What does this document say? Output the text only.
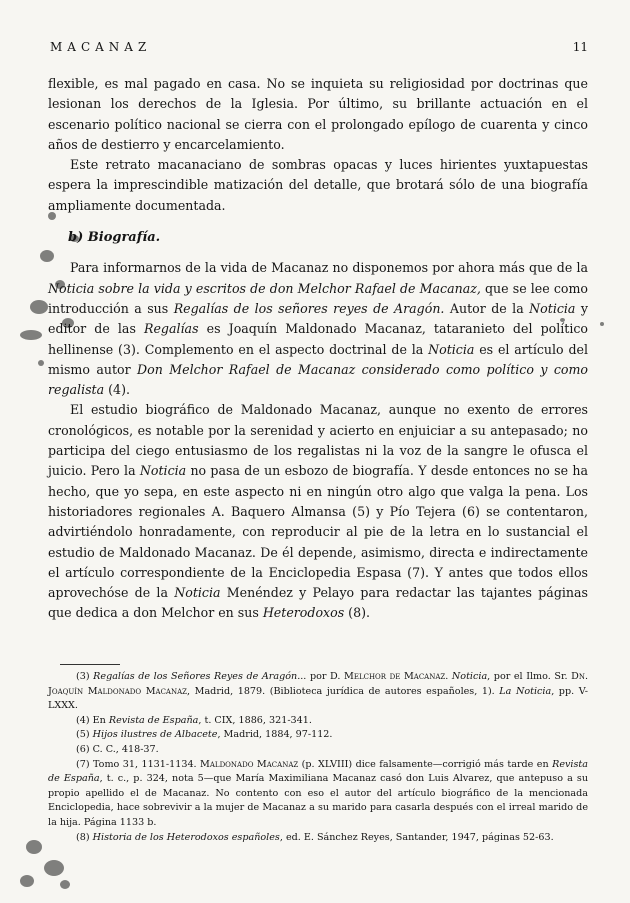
MACANAZ	11

flexible, es mal pagado en casa. No se inquieta su religiosidad por doctrinas que lesionan los derechos de la Iglesia. Por último, su brillante actuación en el escenario político nacional se cierra con el prolongado epílogo de cuarenta y cinco años de destierro y encarcelamiento.

Este retrato macanaciano de sombras opacas y luces hirientes yuxtapuestas espera la imprescindible matización del detalle, que brotará sólo de una biografía ampliamente documentada.

b) Biografía.

Para informarnos de la vida de Macanaz no disponemos por ahora más que de la Noticia sobre la vida y escritos de don Melchor Rafael de Macanaz, que se lee como introducción a sus Regalías de los señores reyes de Aragón. Autor de la Noticia y editor de las Regalías es Joaquín Maldonado Macanaz, tataranieto del político hellinense (3). Complemento en el aspecto doctrinal de la Noticia es el artículo del mismo autor Don Melchor Rafael de Macanaz considerado como político y como regalista (4).

El estudio biográfico de Maldonado Macanaz, aunque no exento de errores cronológicos, es notable por la serenidad y acierto en enjuiciar a su antepasado; no participa del ciego entusiasmo de los regalistas ni la voz de la sangre le ofusca el juicio. Pero la Noticia no pasa de un esbozo de biografía. Y desde entonces no se ha hecho, que yo sepa, en este aspecto ni en ningún otro algo que valga la pena. Los historiadores regionales A. Baquero Almansa (5) y Pío Tejera (6) se contentaron, advirtiéndolo honradamente, con reproducir al pie de la letra en lo sustancial el estudio de Maldonado Macanaz. De él depende, asimismo, directa e indirectamente el artículo correspondiente de la Enciclopedia Espasa (7). Y antes que todos ellos aprovechóse de la Noticia Menéndez y Pelayo para redactar las tajantes páginas que dedica a don Melchor en sus Heterodoxos (8).

(3) Regalías de los Señores Reyes de Aragón... por D. Melchor de Macanaz. Noticia, por el Ilmo. Sr. Dn. Joaquín Maldonado Macanaz, Madrid, 1879. (Biblioteca jurídica de autores españoles, 1). La Noticia, pp. V-LXXX.

(4) En Revista de España, t. CIX, 1886, 321-341.

(5) Hijos ilustres de Albacete, Madrid, 1884, 97-112.

(6) C. C., 418-37.

(7) Tomo 31, 1131-1134. Maldonado Macanaz (p. XLVIII) dice falsamente—corrigió más tarde en Revista de España, t. c., p. 324, nota 5—que María Maximiliana Macanaz casó don Luis Alvarez, que antepuso a su propio apellido el de Macanaz. No contento con eso el autor del artículo biográfico de la mencionada Enciclopedia, hace sobrevivir a la mujer de Macanaz a su marido para casarla después con el irreal marido de la hija. Página 1133 b.

(8) Historia de los Heterodoxos españoles, ed. E. Sánchez Reyes, Santander, 1947, páginas 52-63.
